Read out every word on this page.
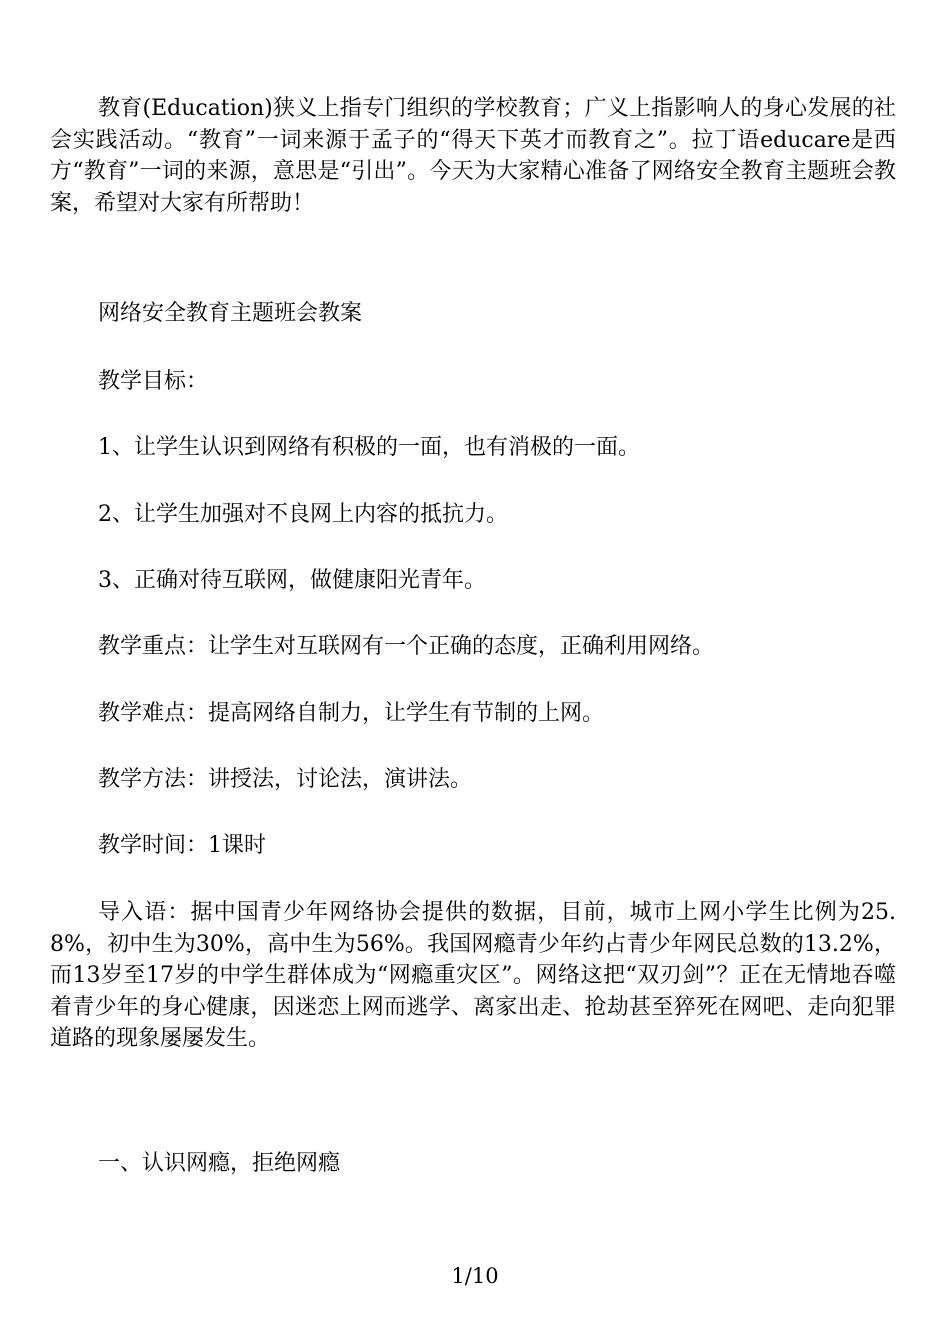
教育(Education)狭义上指专门组织的学校教育；广义上指影响人的身心发展的社会实践活动。“教育”一词来源于孟子的“得天下英才而教育之”。拉丁语educare是西方“教育”一词的来源，意思是“引出”。今天为大家精心准备了网络安全教育主题班会教案，希望对大家有所帮助！

网络安全教育主题班会教案

教学目标：

1、让学生认识到网络有积极的一面，也有消极的一面。

2、让学生加强对不良网上内容的抵抗力。

3、正确对待互联网，做健康阳光青年。

教学重点：让学生对互联网有一个正确的态度，正确利用网络。

教学难点：提高网络自制力，让学生有节制的上网。

教学方法：讲授法，讨论法，演讲法。

教学时间：1课时

导入语：据中国青少年网络协会提供的数据，目前，城市上网小学生比例为25.8%，初中生为30%，高中生为56%。我国网瘾青少年约占青少年网民总数的13.2%，而13岁至17岁的中学生群体成为“网瘾重灾区”。网络这把“双刃剑”？正在无情地吞噬着青少年的身心健康，因迷恋上网而逃学、离家出走、抢劫甚至猝死在网吧、走向犯罪道路的现象屡屡发生。

一、认识网瘾，拒绝网瘾

1/10
